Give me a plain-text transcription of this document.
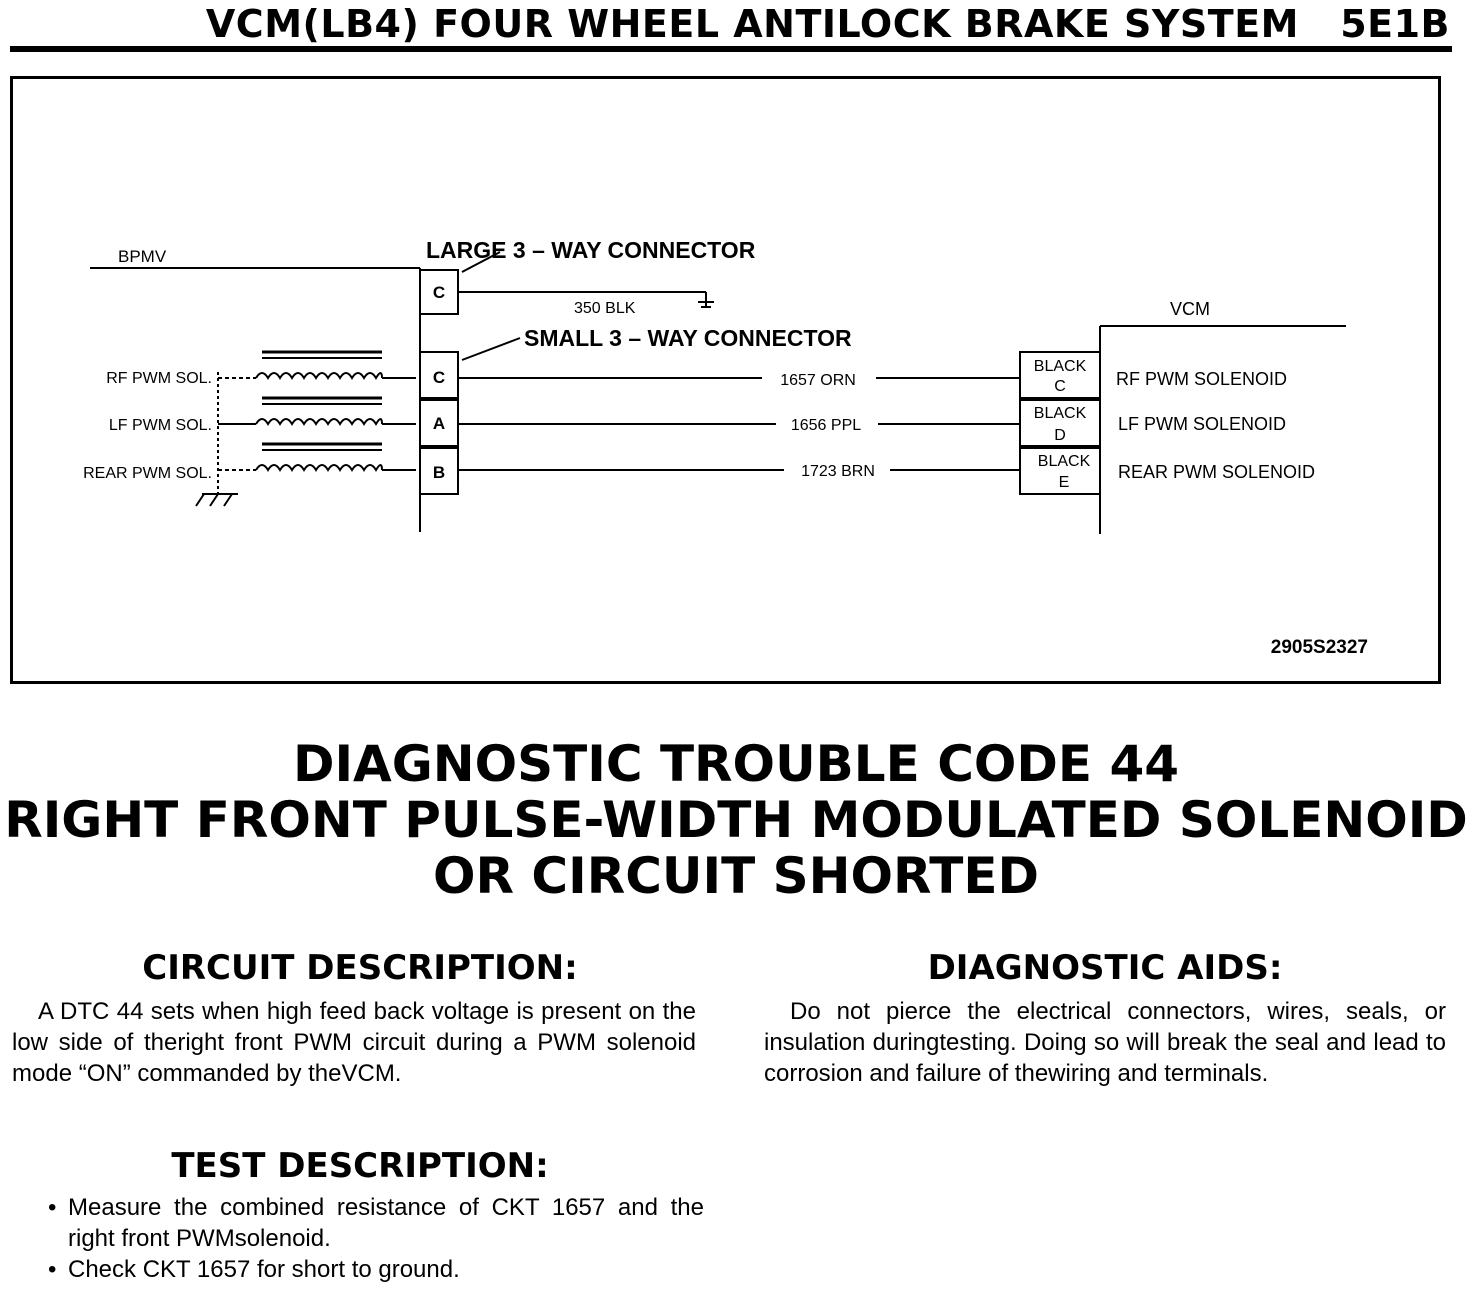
VCM(LB4) FOUR WHEEL ANTILOCK BRAKE SYSTEM 5E1B
BPMV	LARGE 3 – WAY CONNECTOR
C
350 BLK
SMALL 3 – WAY CONNECTOR
VCM
RF PWM SOL.	C	1657 ORN
BLACK
C	RF PWM SOLENOID
LF PWM SOL.	A	1656 PPL
BLACK
D
LF PWM SOLENOID
REAR PWM SOL.	B	1723 BRN
BLACK
E
REAR PWM SOLENOID
2905S2327
DIAGNOSTIC TROUBLE CODE 44
RIGHT FRONT PULSE-WIDTH MODULATED SOLENOID
OR CIRCUIT SHORTED
CIRCUIT DESCRIPTION:
A DTC 44 sets when high feed back voltage is present on the low side of theright front PWM circuit during a PWM solenoid mode “ON” commanded by theVCM.
TEST DESCRIPTION:
• Measure the combined resistance of CKT 1657 and the right front PWMsolenoid.
• Check CKT 1657 for short to ground.
DIAGNOSTIC AIDS:
Do not pierce the electrical connectors, wires, seals, or insulation duringtesting. Doing so will break the seal and lead to corrosion and failure of thewiring and terminals.
